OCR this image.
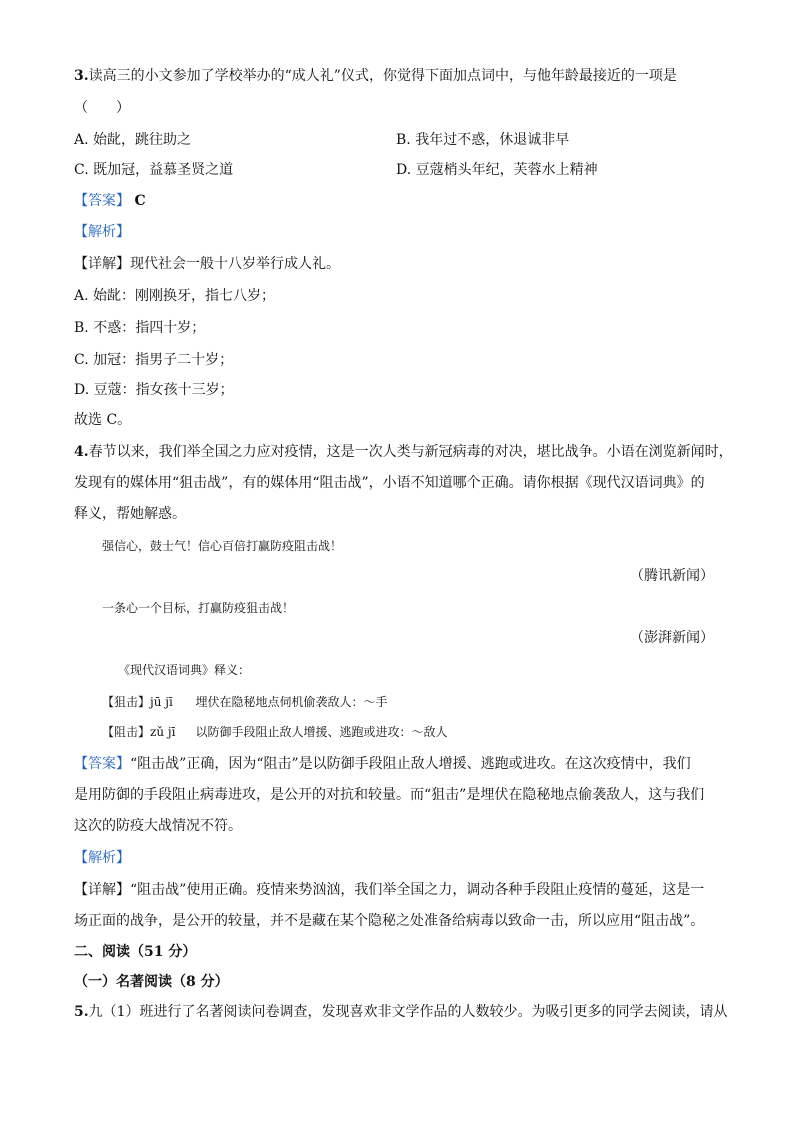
3.读高三的小文参加了学校举办的“成人礼”仪式，你觉得下面加点词中，与他年龄最接近的一项是
（　　）
A. 始龀，跳往助之	B. 我年过不惑，休退诚非早
C. 既加冠，益慕圣贤之道	D. 豆蔻梢头年纪，芙蓉水上精神
【答案】 C
【解析】
【详解】现代社会一般十八岁举行成人礼。
A. 始龀：刚刚换牙，指七八岁；
B. 不惑：指四十岁；
C. 加冠：指男子二十岁；
D. 豆蔻：指女孩十三岁；
故选 C。
4.春节以来，我们举全国之力应对疫情，这是一次人类与新冠病毒的对决，堪比战争。小语在浏览新闻时，
发现有的媒体用“狙击战”，有的媒体用“阻击战”，小语不知道哪个正确。请你根据《现代汉语词典》的
释义，帮她解惑。
强信心，鼓士气！信心百倍打赢防疫阻击战！
（腾讯新闻）
一条心一个目标，打赢防疫狙击战！
（澎湃新闻）
《现代汉语词典》释义：
【狙击】jū jī 埋伏在隐秘地点伺机偷袭敌人：～手
【阻击】zǔ jī 以防御手段阻止敌人增援、逃跑或进攻：～敌人
【答案】“阻击战”正确，因为“阻击”是以防御手段阻止敌人增援、逃跑或进攻。在这次疫情中，我们
是用防御的手段阻止病毒进攻，是公开的对抗和较量。而“狙击”是埋伏在隐秘地点偷袭敌人，这与我们
这次的防疫大战情况不符。
【解析】
【详解】“阻击战”使用正确。疫情来势汹汹，我们举全国之力，调动各种手段阻止疫情的蔓延，这是一
场正面的战争，是公开的较量，并不是藏在某个隐秘之处准备给病毒以致命一击，所以应用“阻击战”。
二、阅读（51 分）
（一）名著阅读（8 分）
5.九（1）班进行了名著阅读问卷调查，发现喜欢非文学作品的人数较少。为吸引更多的同学去阅读，请从
